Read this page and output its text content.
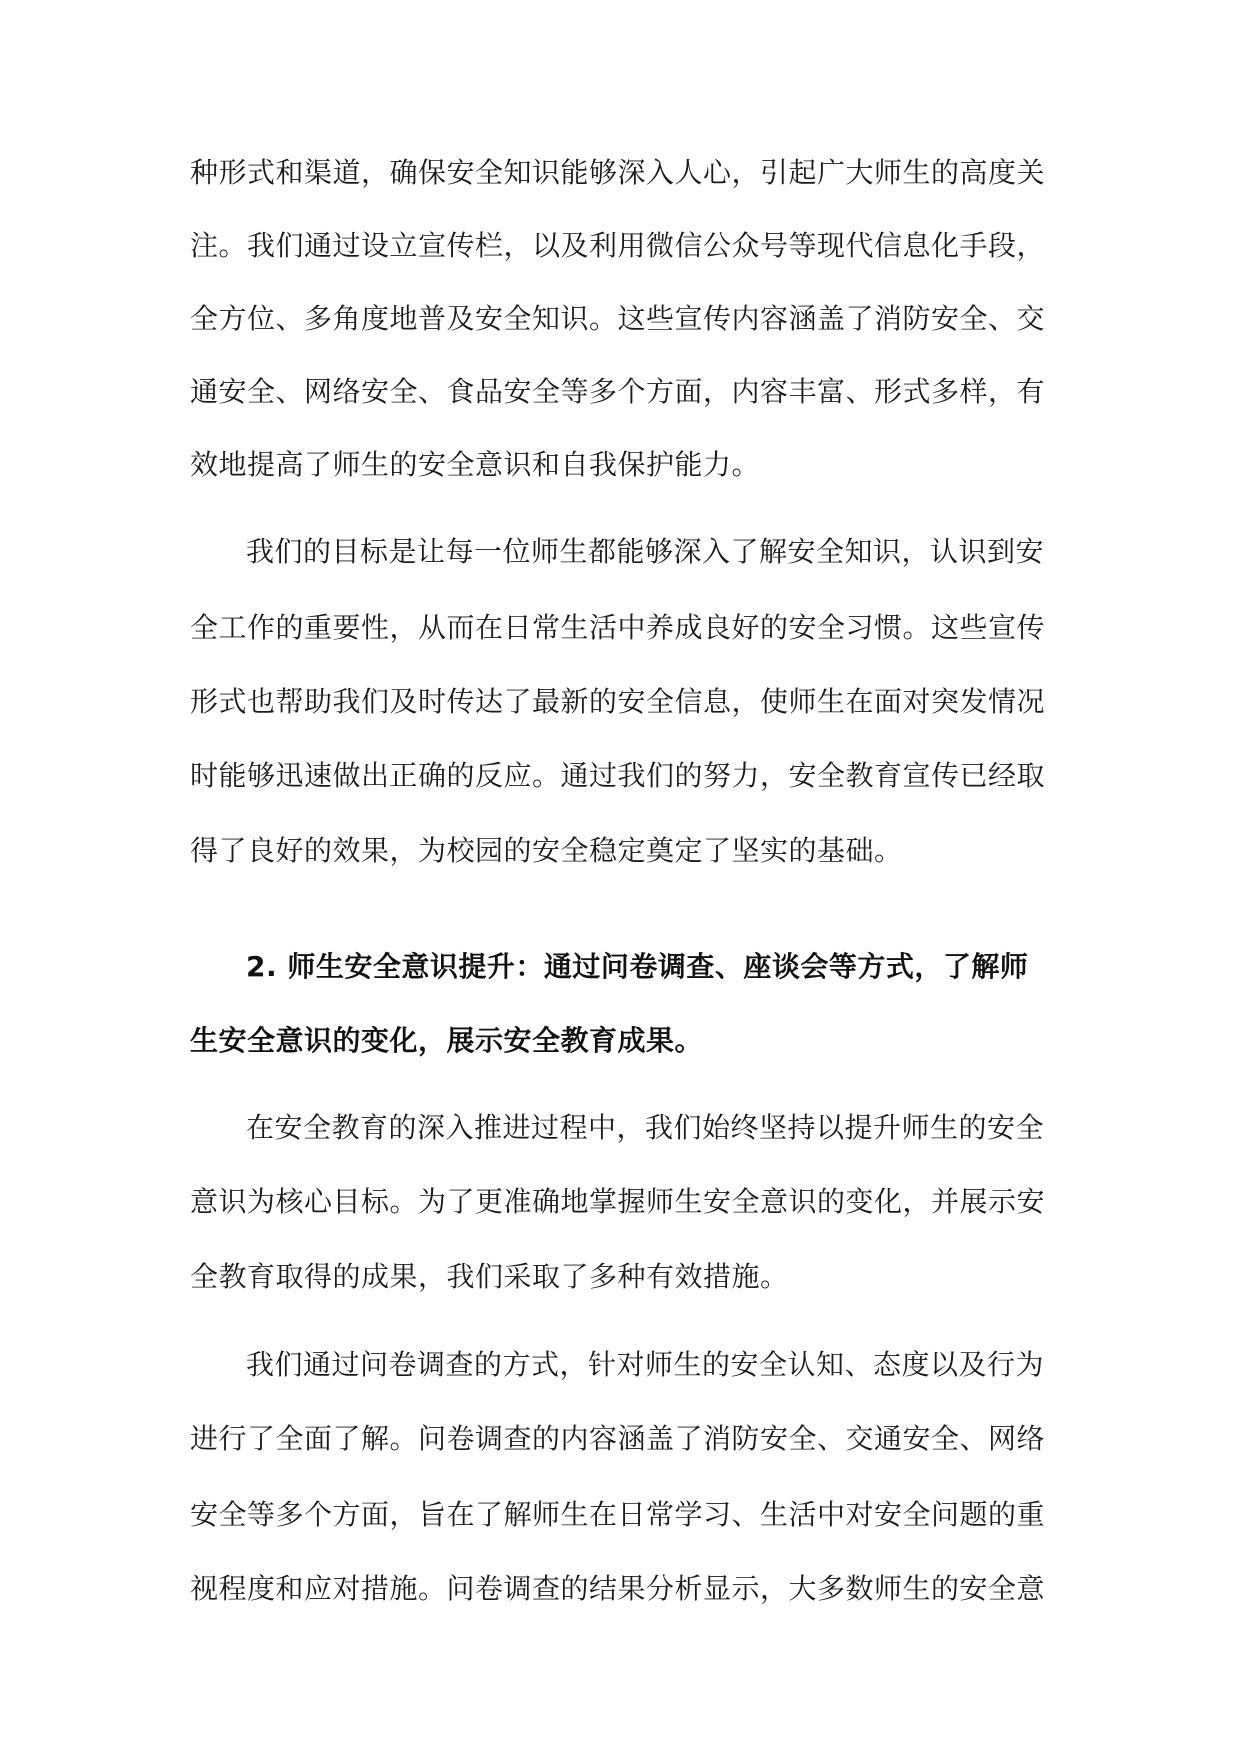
种形式和渠道，确保安全知识能够深入人心，引起广大师生的高度关
注。我们通过设立宣传栏，以及利用微信公众号等现代信息化手段，
全方位、多角度地普及安全知识。这些宣传内容涵盖了消防安全、交
通安全、网络安全、食品安全等多个方面，内容丰富、形式多样，有
效地提高了师生的安全意识和自我保护能力。
我们的目标是让每一位师生都能够深入了解安全知识，认识到安
全工作的重要性，从而在日常生活中养成良好的安全习惯。这些宣传
形式也帮助我们及时传达了最新的安全信息，使师生在面对突发情况
时能够迅速做出正确的反应。通过我们的努力，安全教育宣传已经取
得了良好的效果，为校园的安全稳定奠定了坚实的基础。
2. 师生安全意识提升：通过问卷调查、座谈会等方式，了解师
生安全意识的变化，展示安全教育成果。
在安全教育的深入推进过程中，我们始终坚持以提升师生的安全
意识为核心目标。为了更准确地掌握师生安全意识的变化，并展示安
全教育取得的成果，我们采取了多种有效措施。
我们通过问卷调查的方式，针对师生的安全认知、态度以及行为
进行了全面了解。问卷调查的内容涵盖了消防安全、交通安全、网络
安全等多个方面，旨在了解师生在日常学习、生活中对安全问题的重
视程度和应对措施。问卷调查的结果分析显示，大多数师生的安全意
